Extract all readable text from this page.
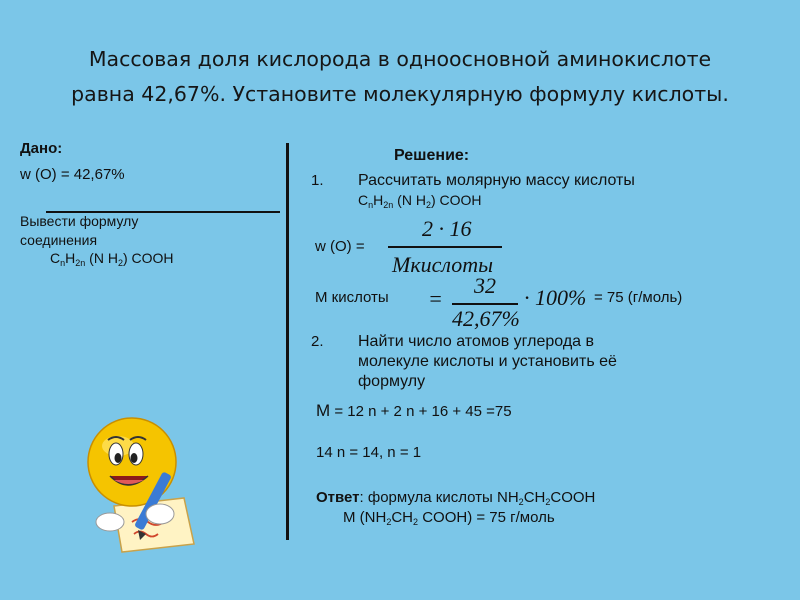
Массовая доля кислорода в одноосновной аминокислоте
равна 42,67%. Установите молекулярную формулу кислоты.
Дано:
w (O) = 42,67%
Вывести формулу
соединения
$C_nH_{2n}$ (N $H_2$) COOH
Решение:
1. Рассчитать молярную массу кислоты
$C_nH_{2n}$ (N $H_2$) COOH
w (O) =
2 · 16
Mкислоты
M кислоты =
32
42,67%
· 100% = 75 (г/моль)
2. Найти число атомов углерода в
молекуле кислоты и установить её
формулу
M = 12 n + 2 n + 16 + 45 =75
14 n = 14, n = 1
Ответ: формула кислоты $NH_2CH_2COOH$
M ($NH_2CH_2$ COOH) = 75 г/моль
